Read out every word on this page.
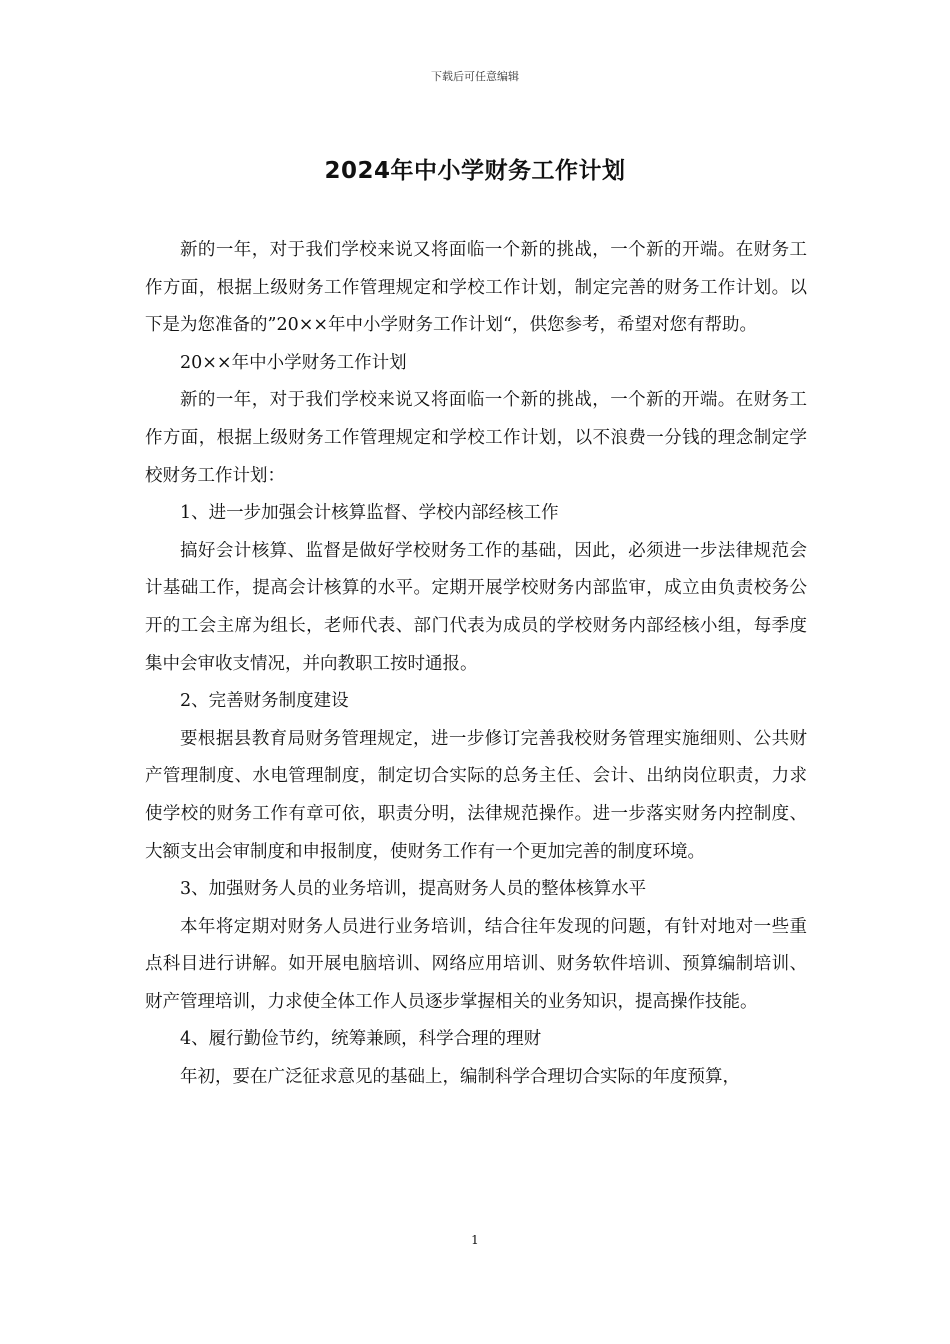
下载后可任意编辑
2024年中小学财务工作计划

新的一年，对于我们学校来说又将面临一个新的挑战，一个新的开端。在财务工作方面，根据上级财务工作管理规定和学校工作计划，制定完善的财务工作计划。以下是为您准备的”20××年中小学财务工作计划“，供您参考，希望对您有帮助。

20××年中小学财务工作计划

新的一年，对于我们学校来说又将面临一个新的挑战，一个新的开端。在财务工作方面，根据上级财务工作管理规定和学校工作计划，以不浪费一分钱的理念制定学校财务工作计划：

1、进一步加强会计核算监督、学校内部经核工作

搞好会计核算、监督是做好学校财务工作的基础，因此，必须进一步法律规范会计基础工作，提高会计核算的水平。定期开展学校财务内部监审，成立由负责校务公开的工会主席为组长，老师代表、部门代表为成员的学校财务内部经核小组，每季度集中会审收支情况，并向教职工按时通报。

2、完善财务制度建设

要根据县教育局财务管理规定，进一步修订完善我校财务管理实施细则、公共财产管理制度、水电管理制度，制定切合实际的总务主任、会计、出纳岗位职责，力求使学校的财务工作有章可依，职责分明，法律规范操作。进一步落实财务内控制度、大额支出会审制度和申报制度，使财务工作有一个更加完善的制度环境。

3、加强财务人员的业务培训，提高财务人员的整体核算水平

本年将定期对财务人员进行业务培训，结合往年发现的问题，有针对地对一些重点科目进行讲解。如开展电脑培训、网络应用培训、财务软件培训、预算编制培训、财产管理培训，力求使全体工作人员逐步掌握相关的业务知识，提高操作技能。

4、履行勤俭节约，统筹兼顾，科学合理的理财

年初，要在广泛征求意见的基础上，编制科学合理切合实际的年度预算，

1
